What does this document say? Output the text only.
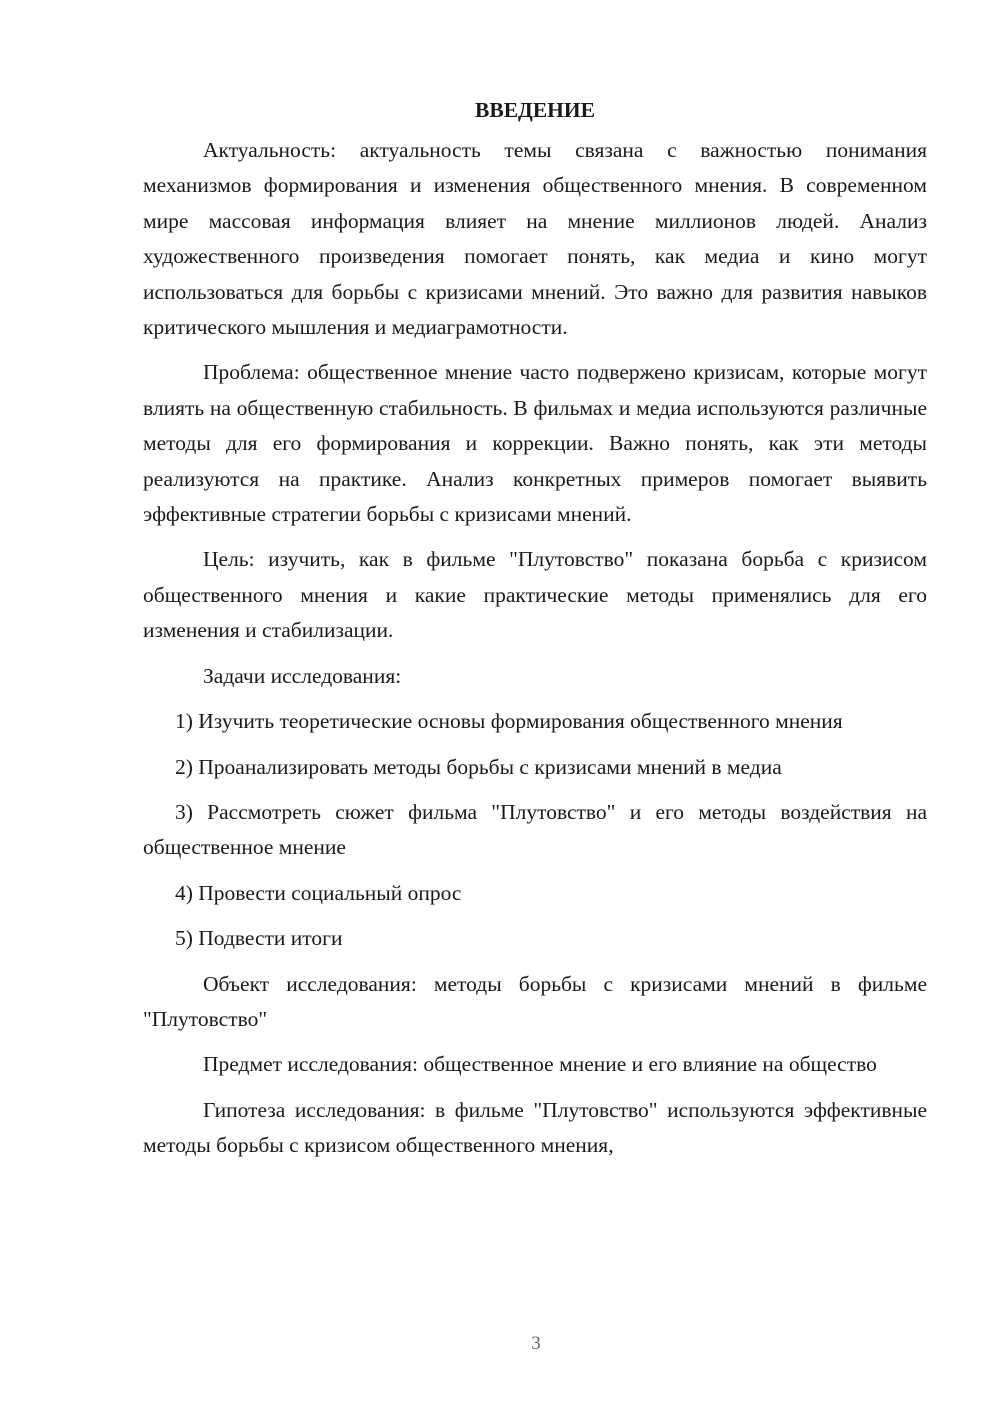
ВВЕДЕНИЕ

Актуальность: актуальность темы связана с важностью понимания механизмов формирования и изменения общественного мнения. В современном мире массовая информация влияет на мнение миллионов людей. Анализ художественного произведения помогает понять, как медиа и кино могут использоваться для борьбы с кризисами мнений. Это важно для развития навыков критического мышления и медиаграмотности.

Проблема: общественное мнение часто подвержено кризисам, которые могут влиять на общественную стабильность. В фильмах и медиа используются различные методы для его формирования и коррекции. Важно понять, как эти методы реализуются на практике. Анализ конкретных примеров помогает выявить эффективные стратегии борьбы с кризисами мнений.

Цель: изучить, как в фильме "Плутовство" показана борьба с кризисом общественного мнения и какие практические методы применялись для его изменения и стабилизации.

Задачи исследования:

1) Изучить теоретические основы формирования общественного мнения

2) Проанализировать методы борьбы с кризисами мнений в медиа

3) Рассмотреть сюжет фильма "Плутовство" и его методы воздействия на общественное мнение

4) Провести социальный опрос

5) Подвести итоги

Объект исследования: методы борьбы с кризисами мнений в фильме "Плутовство"

Предмет исследования: общественное мнение и его влияние на общество

Гипотеза исследования: в фильме "Плутовство" используются эффективные методы борьбы с кризисом общественного мнения,

3
